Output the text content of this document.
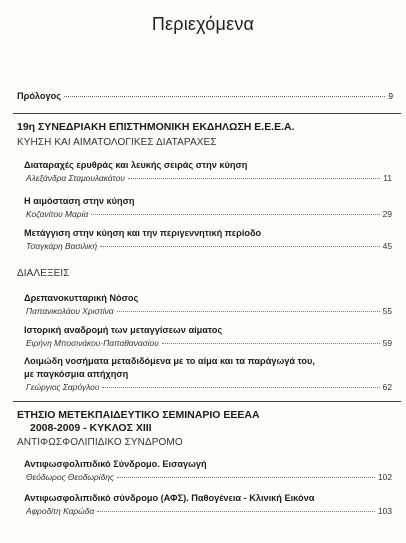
Περιεχόμενα
Πρόλογος	9
19η ΣΥΝΕΔΡΙΑΚΗ ΕΠΙΣΤΗΜΟΝΙΚΗ ΕΚΔΗΛΩΣΗ Ε.Ε.Ε.Α.
ΚΥΗΣΗ ΚΑΙ ΑΙΜΑΤΟΛΟΓΙΚΕΣ ΔΙΑΤΑΡΑΧΕΣ
Διαταραχές ερυθράς και λευκής σειράς στην κύηση
Αλεξάνδρα Σταμουλακάτου	11
Η αιμόσταση στην κύηση
Κοζανίτου Μαρία	29
Μετάγγιση στην κύηση και την περιγεννητική περίοδο
Τσαγκάρη Βασιλική	45
ΔΙΑΛΕΞΕΙΣ
Δρεπανοκυτταρική Νόσος
Παπανικολάου Χριστίνα	55
Ιστορική αναδρομή των μεταγγίσεων αίματος
Ειρήνη Μποσινάκου-Παπαθανασίου	59
Λοιμώδη νοσήματα μεταδιδόμενα με το αίμα και τα παράγωγά του,
με παγκόσμια απήχηση
Γεώργιος Σαρόγλου	62
ΕΤΗΣΙΟ ΜΕΤΕΚΠΑΙΔΕΥΤΙΚΟ ΣΕΜΙΝΑΡΙΟ ΕΕΕΑΑ
2008-2009 - ΚΥΚΛΟΣ XIII
ΑΝΤΙΦΩΣΦΟΛΙΠΙΔΙΚΟ ΣΥΝΔΡΟΜΟ
Αντιφωσφολιπιδικό Σύνδρομο. Εισαγωγή
Θεόδωρος Θεοδωρίδης	102
Αντιφωσφολιπιδικό σύνδρομο (ΑΦΣ). Παθογένεια - Κλινική Εικόνα
Αφροδίτη Καρώδα	103
